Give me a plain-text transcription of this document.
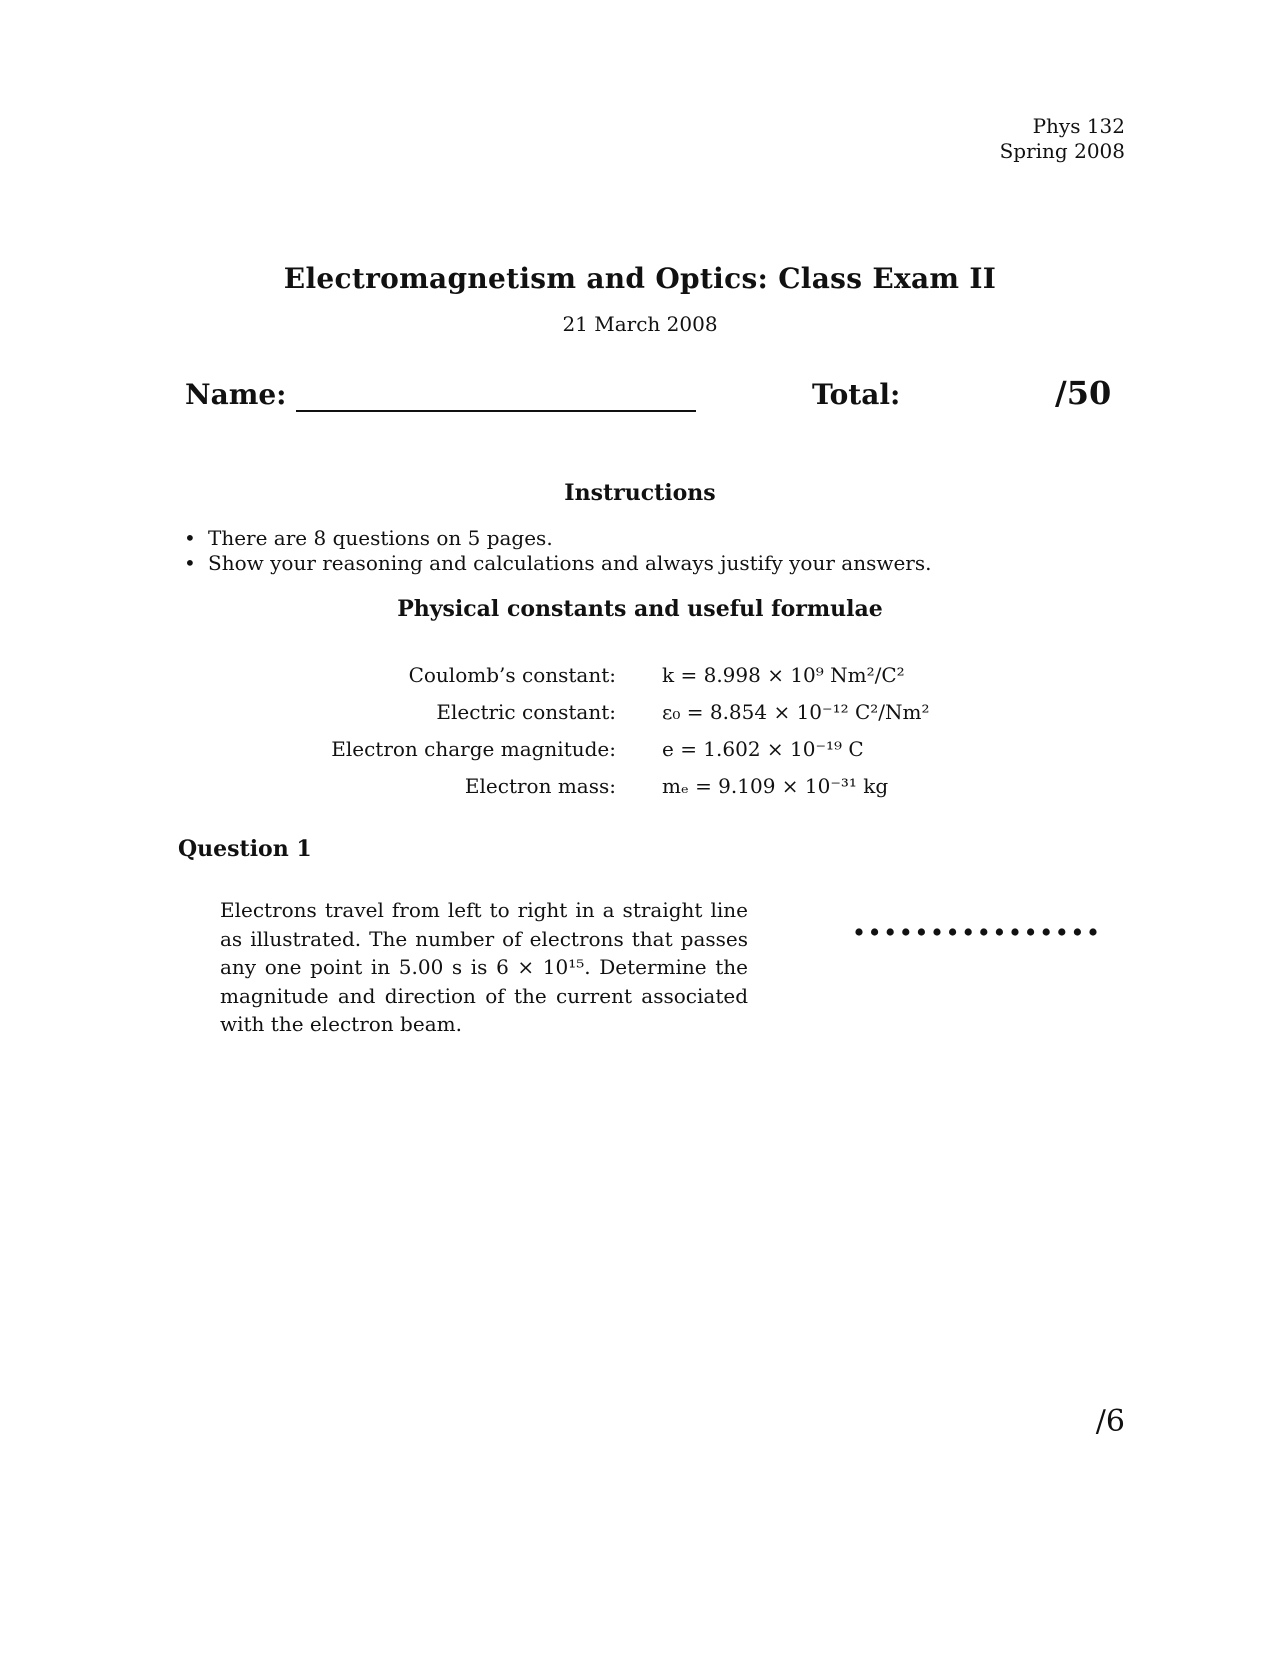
Phys 132
Spring 2008
Electromagnetism and Optics: Class Exam II
21 March 2008
Name:	Total:	/50
Instructions
• There are 8 questions on 5 pages.
• Show your reasoning and calculations and always justify your answers.
Physical constants and useful formulae
Coulomb’s constant:	k = 8.998 × 10⁹ Nm²/C²
Electric constant:	ε₀ = 8.854 × 10⁻¹² C²/Nm²
Electron charge magnitude:	e = 1.602 × 10⁻¹⁹ C
Electron mass:	mₑ = 9.109 × 10⁻³¹ kg
Question 1
Electrons travel from left to right in a straight line as illustrated. The number of electrons that passes any one point in 5.00 s is 6 × 10¹⁵. Determine the magnitude and direction of the current associated with the electron beam.
/6
